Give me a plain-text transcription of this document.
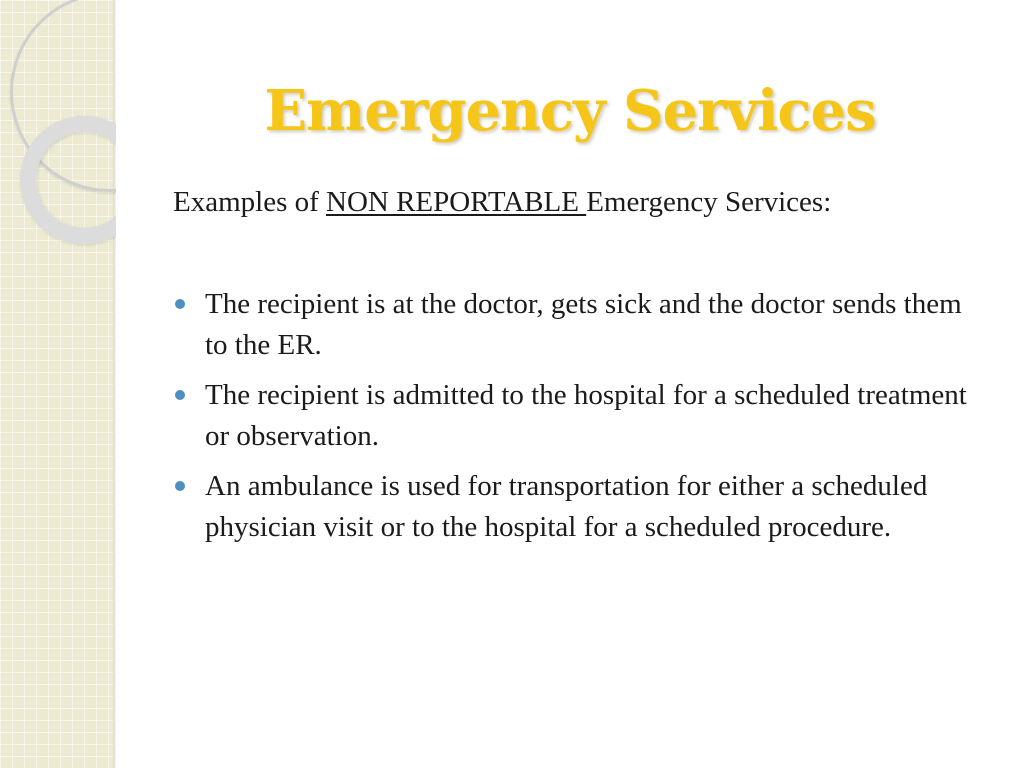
Emergency Services

Examples of NON REPORTABLE Emergency Services:

The recipient is at the doctor, gets sick and the doctor sends them to the ER.
The recipient is admitted to the hospital for a scheduled treatment or observation.
An ambulance is used for transportation for either a scheduled physician visit or to the hospital for a scheduled procedure.
